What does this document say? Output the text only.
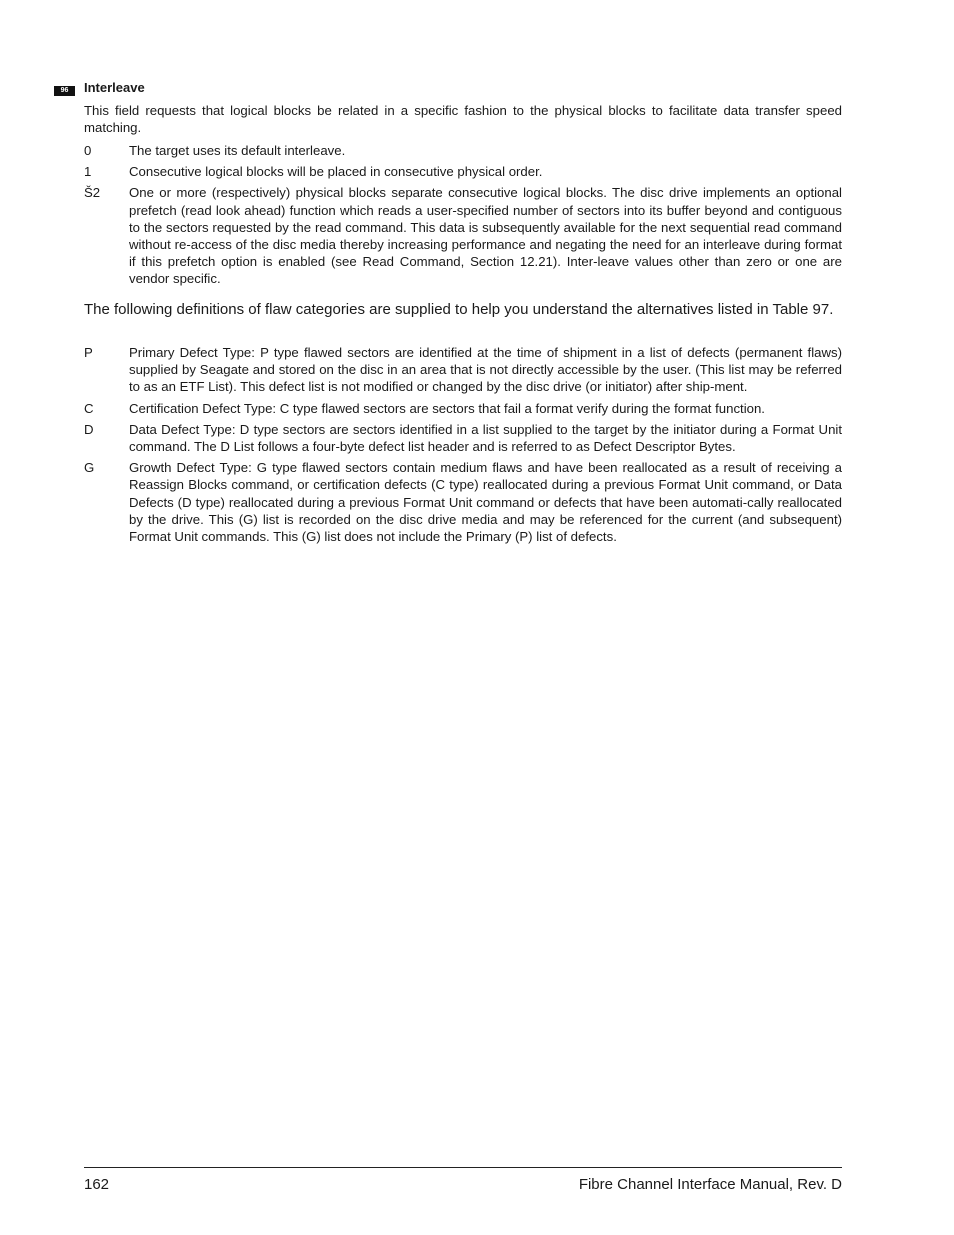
96	Interleave

This field requests that logical blocks be related in a specific fashion to the physical blocks to facilitate data transfer speed matching.

0	The target uses its default interleave.
1	Consecutive logical blocks will be placed in consecutive physical order.
Š2	One or more (respectively) physical blocks separate consecutive logical blocks. The disc drive implements an optional prefetch (read look ahead) function which reads a user-specified number of sectors into its buffer beyond and contiguous to the sectors requested by the read command. This data is subsequently available for the next sequential read command without re-access of the disc media thereby increasing performance and negating the need for an interleave during format if this prefetch option is enabled (see Read Command, Section 12.21). Inter-leave values other than zero or one are vendor specific.

The following definitions of flaw categories are supplied to help you understand the alternatives listed in Table 97.

P	Primary Defect Type: P type flawed sectors are identified at the time of shipment in a list of defects (permanent flaws) supplied by Seagate and stored on the disc in an area that is not directly accessible by the user. (This list may be referred to as an ETF List). This defect list is not modified or changed by the disc drive (or initiator) after ship-ment.
C	Certification Defect Type: C type flawed sectors are sectors that fail a format verify during the format function.
D	Data Defect Type: D type sectors are sectors identified in a list supplied to the target by the initiator during a Format Unit command. The D List follows a four-byte defect list header and is referred to as Defect Descriptor Bytes.
G	Growth Defect Type: G type flawed sectors contain medium flaws and have been reallocated as a result of receiving a Reassign Blocks command, or certification defects (C type) reallocated during a previous Format Unit command, or Data Defects (D type) reallocated during a previous Format Unit command or defects that have been automati-cally reallocated by the drive. This (G) list is recorded on the disc drive media and may be referenced for the current (and subsequent) Format Unit commands. This (G) list does not include the Primary (P) list of defects.
162	Fibre Channel Interface Manual, Rev. D
